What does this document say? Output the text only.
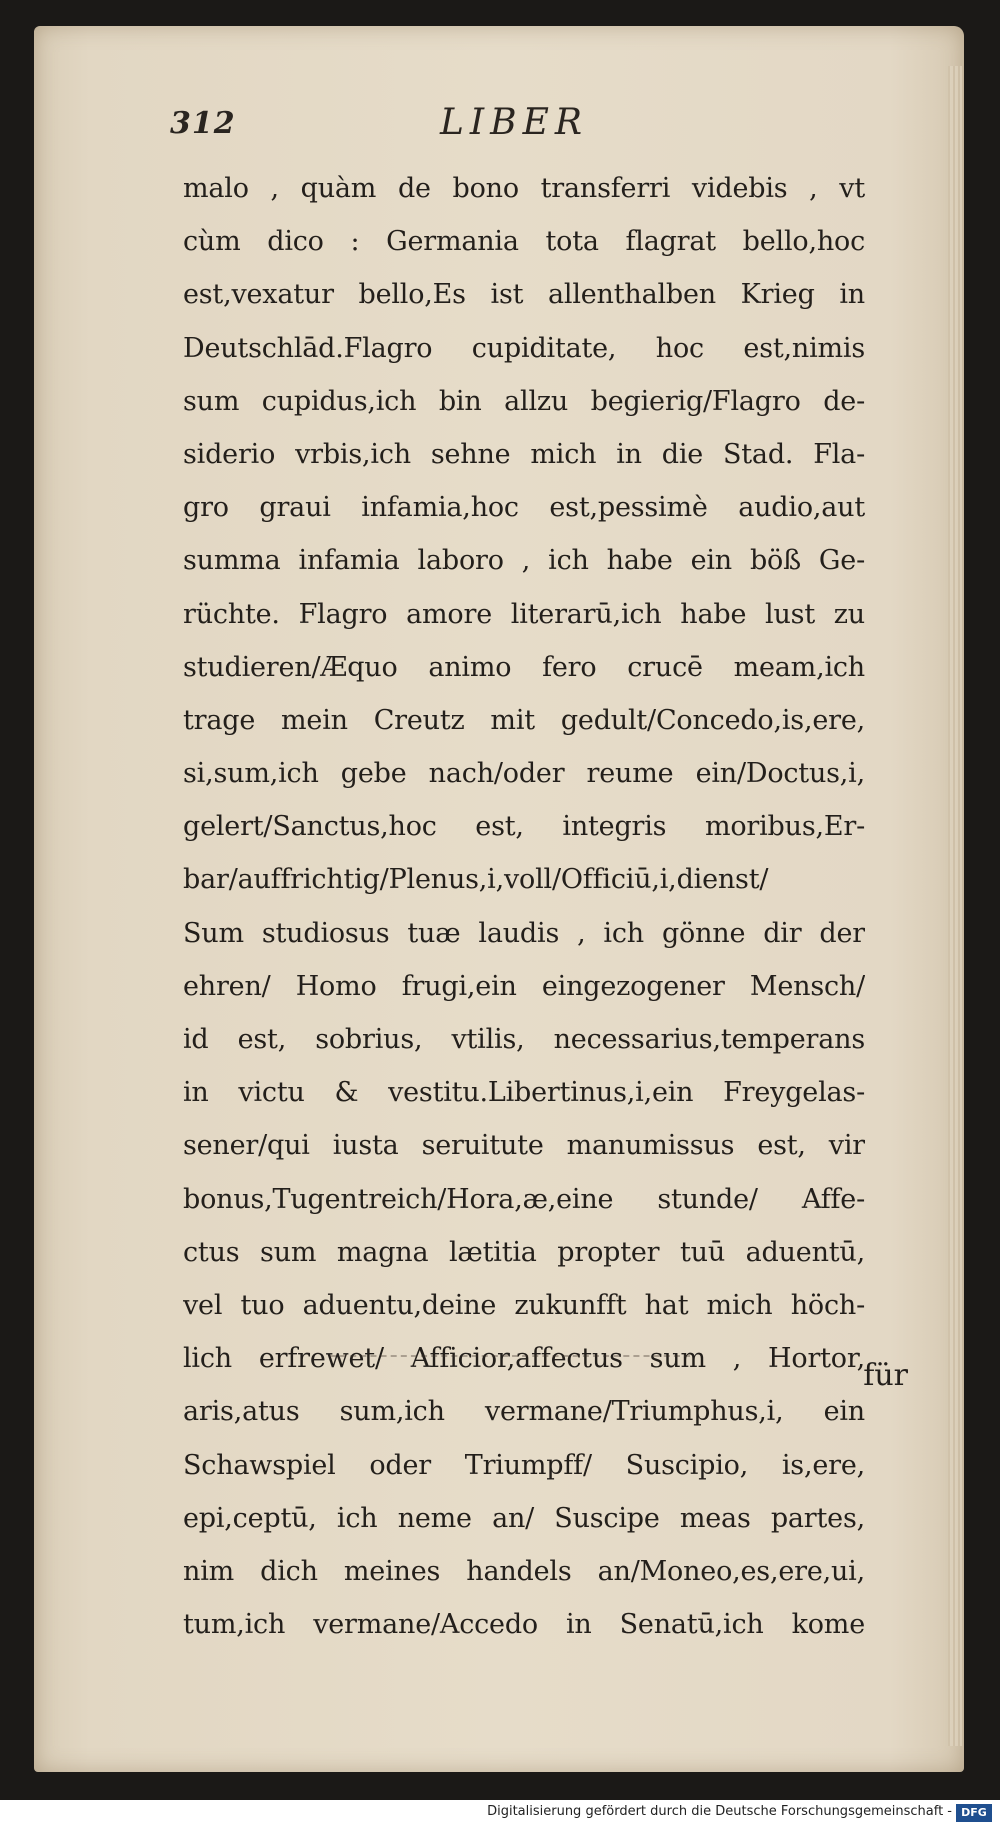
312	LIBER
malo , quàm de bono transferri videbis , vt
cùm dico : Germania tota flagrat bello,hoc
est,vexatur bello,Es ist allenthalben Krieg in
Deutschlād.Flagro cupiditate, hoc est,nimis
sum cupidus,ich bin allzu begierig/Flagro de-
siderio vrbis,ich sehne mich in die Stad. Fla-
gro graui infamia,hoc est,pessimè audio,aut
summa infamia laboro , ich habe ein böß Ge-
rüchte. Flagro amore literarū,ich habe lust zu
studieren/Æquo animo fero crucē meam,ich
trage mein Creutz mit gedult/Concedo,is,ere,
si,sum,ich gebe nach/oder reume ein/Doctus,i,
gelert/Sanctus,hoc est, integris moribus,Er-
bar/auffrichtig/Plenus,i,voll/Officiū,i,dienst/
Sum studiosus tuæ laudis , ich gönne dir der
ehren/ Homo frugi,ein eingezogener Mensch/
id est, sobrius, vtilis, necessarius,temperans
in victu & vestitu.Libertinus,i,ein Freygelas-
sener/qui iusta seruitute manumissus est, vir
bonus,Tugentreich/Hora,æ,eine stunde/ Affe-
ctus sum magna lætitia propter tuū aduentū,
vel tuo aduentu,deine zukunfft hat mich höch-
lich erfrewet/ Afficior,affectus sum , Hortor,
aris,atus sum,ich vermane/Triumphus,i, ein
Schawspiel oder Triumpff/ Suscipio, is,ere,
epi,ceptū, ich neme an/ Suscipe meas partes,
nim dich meines handels an/Moneo,es,ere,ui,
tum,ich vermane/Accedo in Senatū,ich kome
für
Digitalisierung gefördert durch die Deutsche Forschungsgemeinschaft - DFG
